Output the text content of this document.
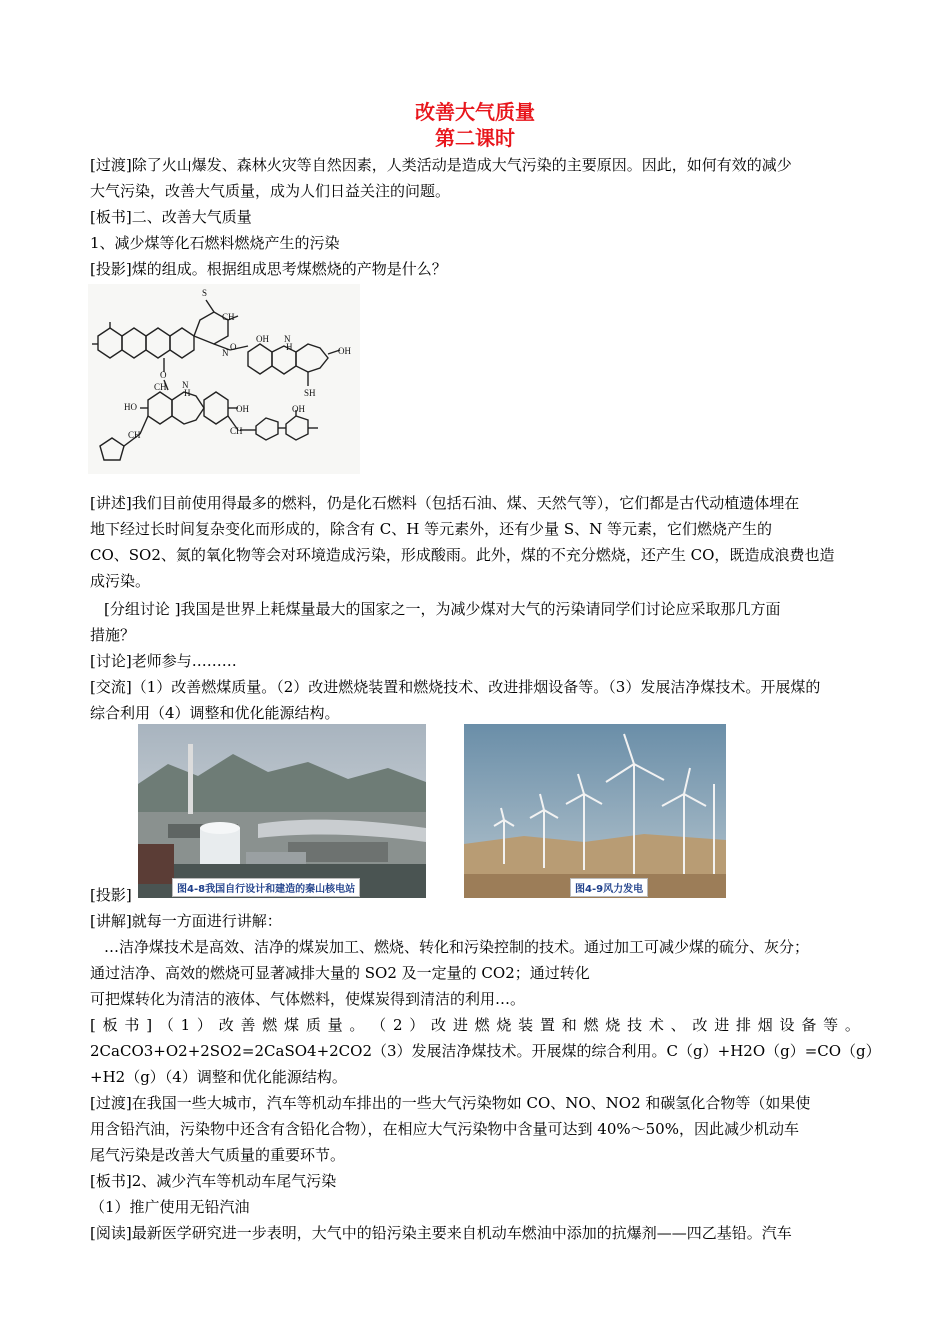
改善大气质量
第二课时
[过渡]除了火山爆发、森林火灾等自然因素，人类活动是造成大气污染的主要原因。因此，如何有效的减少
大气污染，改善大气质量，成为人们日益关注的问题。
[板书]二、改善大气质量
1、减少煤等化石燃料燃烧产生的污染
[投影]煤的组成。根据组成思考煤燃烧的产物是什么？
S
CH
N
O
OH N
H	OH
SH
O
CH
HO
N
H
OH
CH
CH
OH
[讲述]我们目前使用得最多的燃料，仍是化石燃料（包括石油、煤、天然气等），它们都是古代动植遗体埋在
地下经过长时间复杂变化而形成的，除含有 C、H 等元素外，还有少量 S、N 等元素，它们燃烧产生的
CO、SO2、氮的氧化物等会对环境造成污染，形成酸雨。此外，煤的不充分燃烧，还产生 CO，既造成浪费也造
成污染。
[分组讨论 ]我国是世界上耗煤量最大的国家之一，为减少煤对大气的污染请同学们讨论应采取那几方面
措施？
[讨论]老师参与………
[交流]（1）改善燃煤质量。（2）改进燃烧装置和燃烧技术、改进排烟设备等。（3）发展洁净煤技术。开展煤的
综合利用（4）调整和优化能源结构。
图4-8我国自行设计和建造的秦山核电站	图4-9风力发电
[投影]
[讲解]就每一方面进行讲解：
…洁净煤技术是高效、洁净的煤炭加工、燃烧、转化和污染控制的技术。通过加工可减少煤的硫分、灰分；
通过洁净、高效的燃烧可显著减排大量的 SO2 及一定量的 CO2；通过转化
可把煤转化为清洁的液体、气体燃料，使煤炭得到清洁的利用…。
[ 板 书 ] （ 1 ） 改 善 燃 煤 质 量 。 （ 2 ） 改 进 燃 烧 装 置 和 燃 烧 技 术 、 改 进 排 烟 设 备 等 。
2CaCO3+O2+2SO2=2CaSO4+2CO2（3）发展洁净煤技术。开展煤的综合利用。C（g）+H2O（g）=CO（g）
+H2（g）（4）调整和优化能源结构。
[过渡]在我国一些大城市，汽车等机动车排出的一些大气污染物如 CO、NO、NO2 和碳氢化合物等（如果使
用含铅汽油，污染物中还含有含铅化合物），在相应大气污染物中含量可达到 40%～50%，因此减少机动车
尾气污染是改善大气质量的重要环节。
[板书]2、减少汽车等机动车尾气污染
（1）推广使用无铅汽油
[阅读]最新医学研究进一步表明，大气中的铅污染主要来自机动车燃油中添加的抗爆剂——四乙基铅。汽车
